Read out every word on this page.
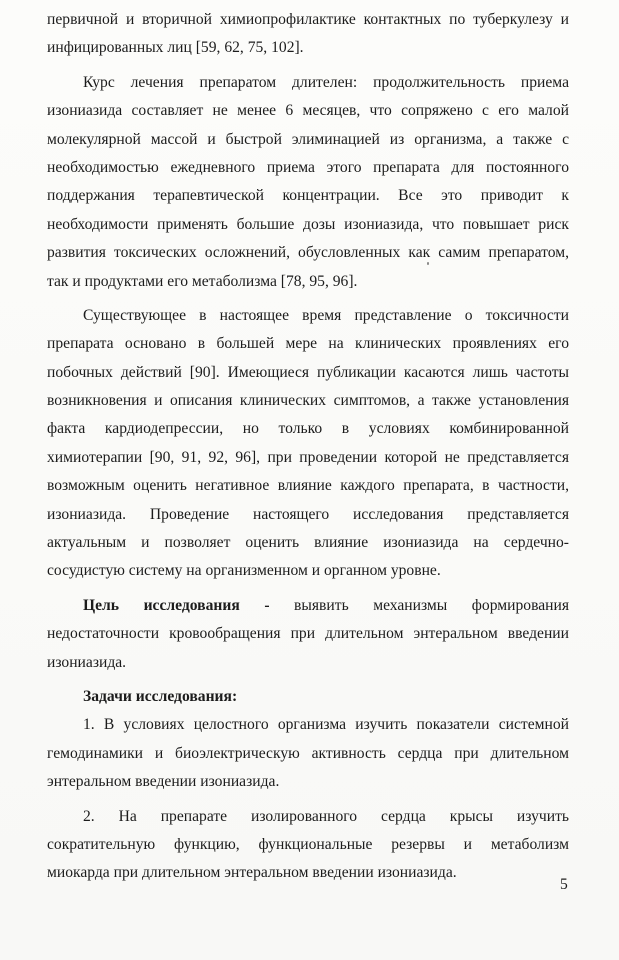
первичной и вторичной химиопрофилактике контактных по туберкулезу и
инфицированных лиц [59, 62, 75, 102].
Курс лечения препаратом длителен: продолжительность приема
изониазида составляет не менее 6 месяцев, что сопряжено с его малой
молекулярной массой и быстрой элиминацией из организма, а также с
необходимостью ежедневного приема этого препарата для постоянного
поддержания терапевтической концентрации. Все это приводит к
необходимости применять большие дозы изониазида, что повышает риск
развития токсических осложнений, обусловленных как самим препаратом,
так и продуктами его метаболизма [78, 95, 96].
Существующее в настоящее время представление о токсичности
препарата основано в большей мере на клинических проявлениях его
побочных действий [90]. Имеющиеся публикации касаются лишь частоты
возникновения и описания клинических симптомов, а также установления
факта кардиодепрессии, но только в условиях комбинированной
химиотерапии [90, 91, 92, 96], при проведении которой не представляется
возможным оценить негативное влияние каждого препарата, в частности,
изониазида. Проведение настоящего исследования представляется
актуальным и позволяет оценить влияние изониазида на сердечно-
сосудистую систему на организменном и органном уровне.
Цель исследования - выявить механизмы формирования
недостаточности кровообращения при длительном энтеральном введении
изониазида.
Задачи исследования:
1. В условиях целостного организма изучить показатели системной
гемодинамики и биоэлектрическую активность сердца при длительном
энтеральном введении изониазида.
2. На препарате изолированного сердца крысы изучить
сократительную функцию, функциональные резервы и метаболизм
миокарда при длительном энтеральном введении изониазида.
5
